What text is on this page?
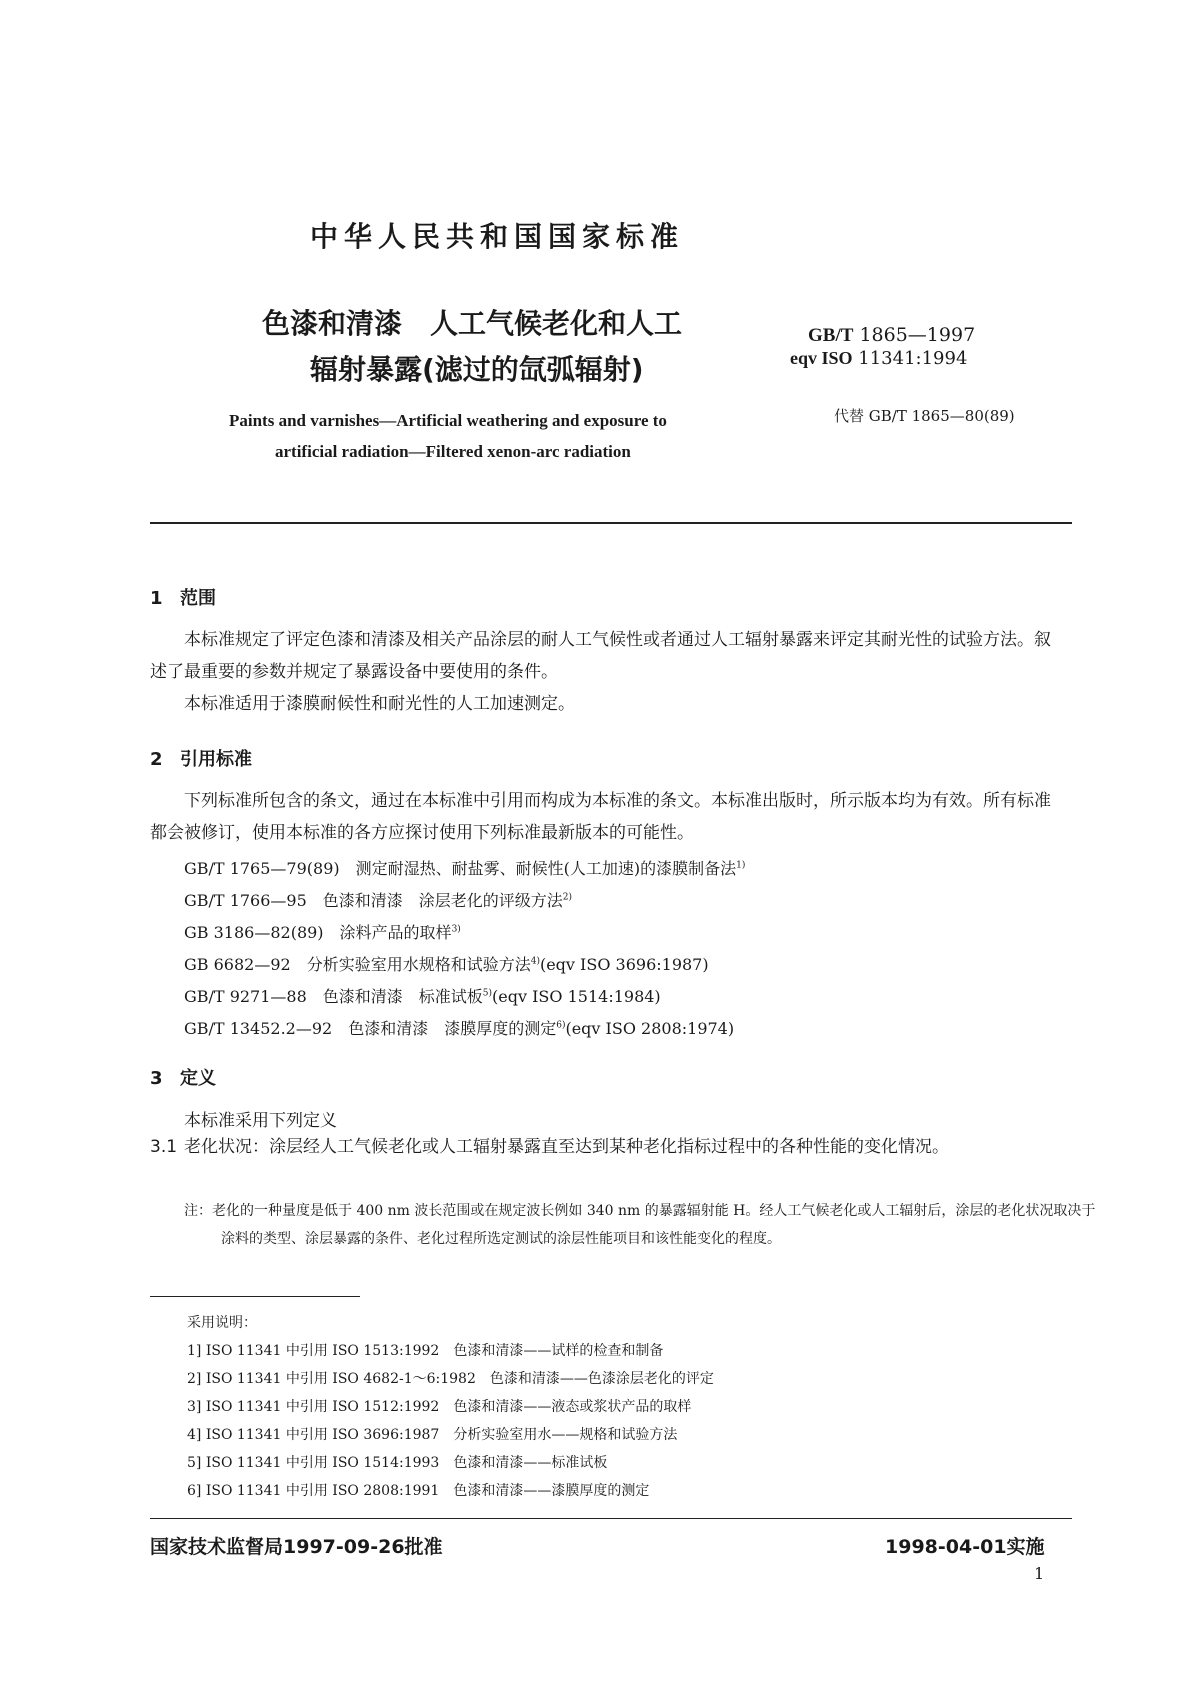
中华人民共和国国家标准
色漆和清漆　人工气候老化和人工
辐射暴露(滤过的氙弧辐射)
GB/T 1865—1997
eqv ISO 11341:1994
代替 GB/T 1865—80(89)
Paints and varnishes—Artificial weathering and exposure to
artificial radiation—Filtered xenon-arc radiation
1 范围
本标准规定了评定色漆和清漆及相关产品涂层的耐人工气候性或者通过人工辐射暴露来评定其耐光性的试验方法。叙述了最重要的参数并规定了暴露设备中要使用的条件。
本标准适用于漆膜耐候性和耐光性的人工加速测定。
2 引用标准
下列标准所包含的条文，通过在本标准中引用而构成为本标准的条文。本标准出版时，所示版本均为有效。所有标准都会被修订，使用本标准的各方应探讨使用下列标准最新版本的可能性。
GB/T 1765—79(89)　测定耐湿热、耐盐雾、耐候性(人工加速)的漆膜制备法$^{1)}$
GB/T 1766—95　色漆和清漆　涂层老化的评级方法$^{2)}$
GB 3186—82(89)　涂料产品的取样$^{3)}$
GB 6682—92　分析实验室用水规格和试验方法$^{4)}$(eqv ISO 3696:1987)
GB/T 9271—88　色漆和清漆　标准试板$^{5)}$(eqv ISO 1514:1984)
GB/T 13452.2—92　色漆和清漆　漆膜厚度的测定$^{6)}$(eqv ISO 2808:1974)
3 定义
本标准采用下列定义
3.1 老化状况：涂层经人工气候老化或人工辐射暴露直至达到某种老化指标过程中的各种性能的变化情况。
注：老化的一种量度是低于 400 nm 波长范围或在规定波长例如 340 nm 的暴露辐射能 H。经人工气候老化或人工辐射后，涂层的老化状况取决于涂料的类型、涂层暴露的条件、老化过程所选定测试的涂层性能项目和该性能变化的程度。
采用说明：
1] ISO 11341 中引用 ISO 1513:1992　色漆和清漆——试样的检查和制备
2] ISO 11341 中引用 ISO 4682-1～6:1982　色漆和清漆——色漆涂层老化的评定
3] ISO 11341 中引用 ISO 1512:1992　色漆和清漆——液态或浆状产品的取样
4] ISO 11341 中引用 ISO 3696:1987　分析实验室用水——规格和试验方法
5] ISO 11341 中引用 ISO 1514:1993　色漆和清漆——标准试板
6] ISO 11341 中引用 ISO 2808:1991　色漆和清漆——漆膜厚度的测定
国家技术监督局1997-09-26批准	1998-04-01实施
1
